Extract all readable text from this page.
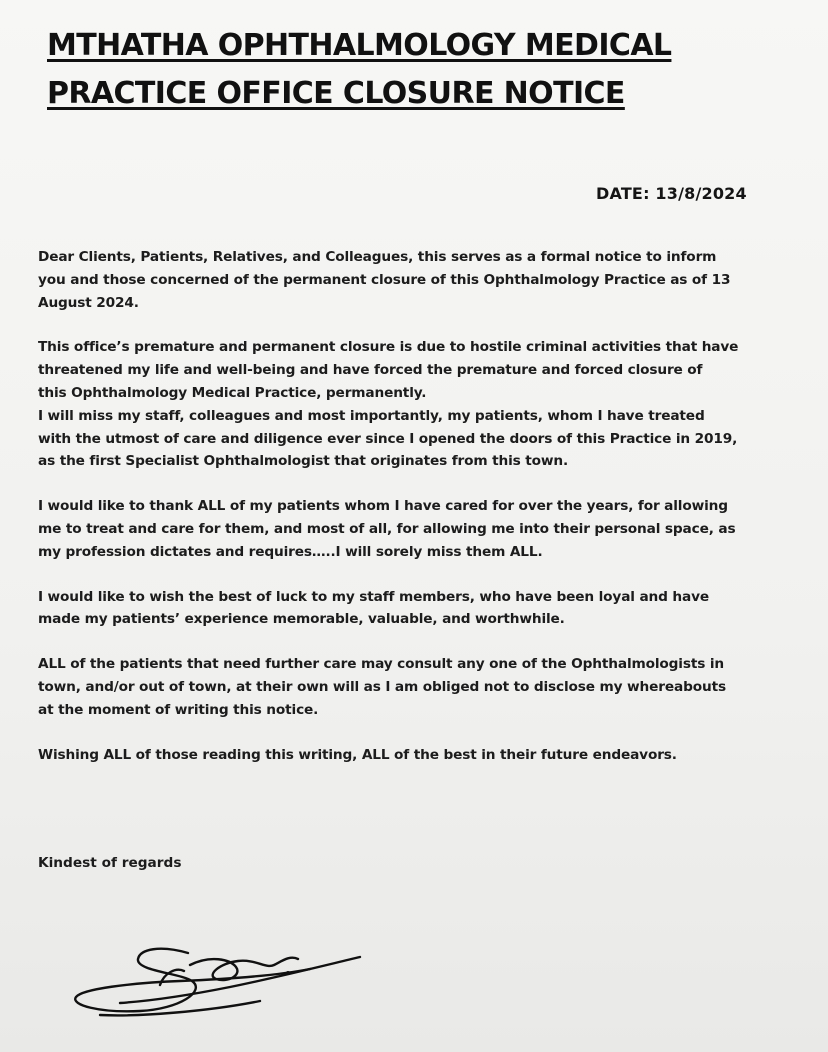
MTHATHA OPHTHALMOLOGY MEDICAL
PRACTICE OFFICE CLOSURE NOTICE
DATE: 13/8/2024

Dear Clients, Patients, Relatives, and Colleagues, this serves as a formal notice to inform
you and those concerned of the permanent closure of this Ophthalmology Practice as of 13
August 2024.

This office’s premature and permanent closure is due to hostile criminal activities that have
threatened my life and well-being and have forced the premature and forced closure of
this Ophthalmology Medical Practice, permanently.
I will miss my staff, colleagues and most importantly, my patients, whom I have treated
with the utmost of care and diligence ever since I opened the doors of this Practice in 2019,
as the first Specialist Ophthalmologist that originates from this town.

I would like to thank ALL of my patients whom I have cared for over the years, for allowing
me to treat and care for them, and most of all, for allowing me into their personal space, as
my profession dictates and requires…..I will sorely miss them ALL.

I would like to wish the best of luck to my staff members, who have been loyal and have
made my patients’ experience memorable, valuable, and worthwhile.

ALL of the patients that need further care may consult any one of the Ophthalmologists in
town, and/or out of town, at their own will as I am obliged not to disclose my whereabouts
at the moment of writing this notice.

Wishing ALL of those reading this writing, ALL of the best in their future endeavors.

Kindest of regards
